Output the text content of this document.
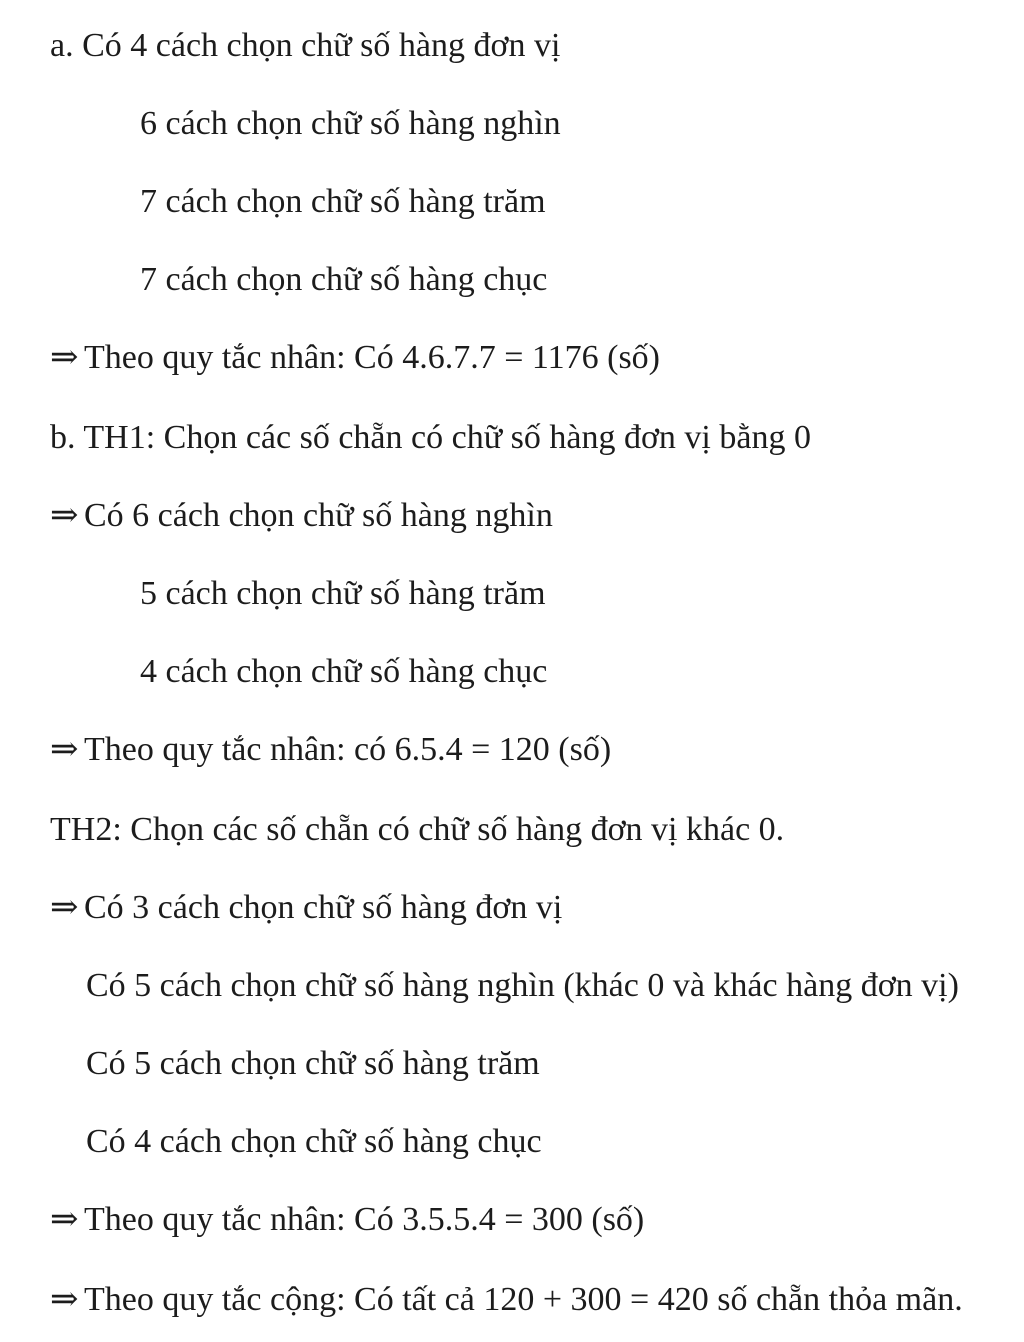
a. Có 4 cách chọn chữ số hàng đơn vị
6 cách chọn chữ số hàng nghìn
7 cách chọn chữ số hàng trăm
7 cách chọn chữ số hàng chục
⇒ Theo quy tắc nhân: Có 4.6.7.7 = 1176 (số)
b. TH1: Chọn các số chẵn có chữ số hàng đơn vị bằng 0
⇒ Có 6 cách chọn chữ số hàng nghìn
5 cách chọn chữ số hàng trăm
4 cách chọn chữ số hàng chục
⇒ Theo quy tắc nhân: có 6.5.4 = 120 (số)
TH2: Chọn các số chẵn có chữ số hàng đơn vị khác 0.
⇒ Có 3 cách chọn chữ số hàng đơn vị
Có 5 cách chọn chữ số hàng nghìn (khác 0 và khác hàng đơn vị)
Có 5 cách chọn chữ số hàng trăm
Có 4 cách chọn chữ số hàng chục
⇒ Theo quy tắc nhân: Có 3.5.5.4 = 300 (số)
⇒ Theo quy tắc cộng: Có tất cả 120 + 300 = 420 số chẵn thỏa mãn.
